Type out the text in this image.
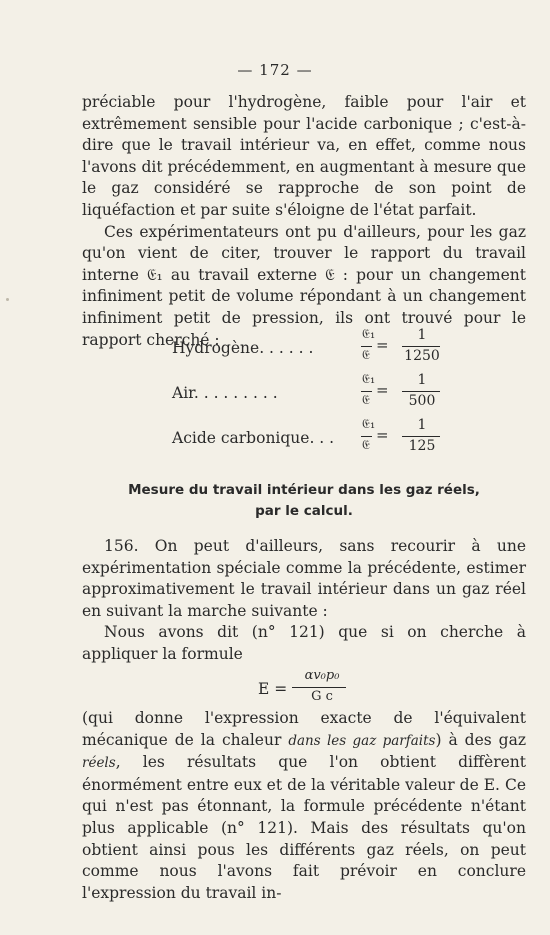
— 172 —

préciable pour l'hydrogène, faible pour l'air et extrêmement sensible pour l'acide carbonique ; c'est-à-dire que le travail intérieur va, en effet, comme nous l'avons dit précédemment, en augmentant à mesure que le gaz considéré se rapproche de son point de liquéfaction et par suite s'éloigne de l'état parfait.

Ces expérimentateurs ont pu d'ailleurs, pour les gaz qu'on vient de citer, trouver le rapport du travail interne 𝔈₁ au travail externe 𝔈 : pour un changement infiniment petit de volume répondant à un changement infiniment petit de pression, ils ont trouvé pour le rapport cherché :

Hydrogène. . . . . .
𝔈₁
𝔈
=
1
1250
Air. . . . . . . . .
𝔈₁
𝔈
=
1
500
Acide carbonique. . .
𝔈₁
𝔈
=
1
125
Mesure du travail intérieur dans les gaz réels,
par le calcul.

156. On peut d'ailleurs, sans recourir à une expérimentation spéciale comme la précédente, estimer approximativement le travail intérieur dans un gaz réel en suivant la marche suivante :

Nous avons dit (n° 121) que si on cherche à appliquer la formule

E =
αv₀p₀
G c

(qui donne l'expression exacte de l'équivalent mécanique de la chaleur dans les gaz parfaits) à des gaz réels, les résultats que l'on obtient diffèrent énormément entre eux et de la véritable valeur de E. Ce qui n'est pas étonnant, la formule précédente n'étant plus applicable (n° 121). Mais des résultats qu'on obtient ainsi pous les différents gaz réels, on peut comme nous l'avons fait prévoir en conclure l'expression du travail in-
